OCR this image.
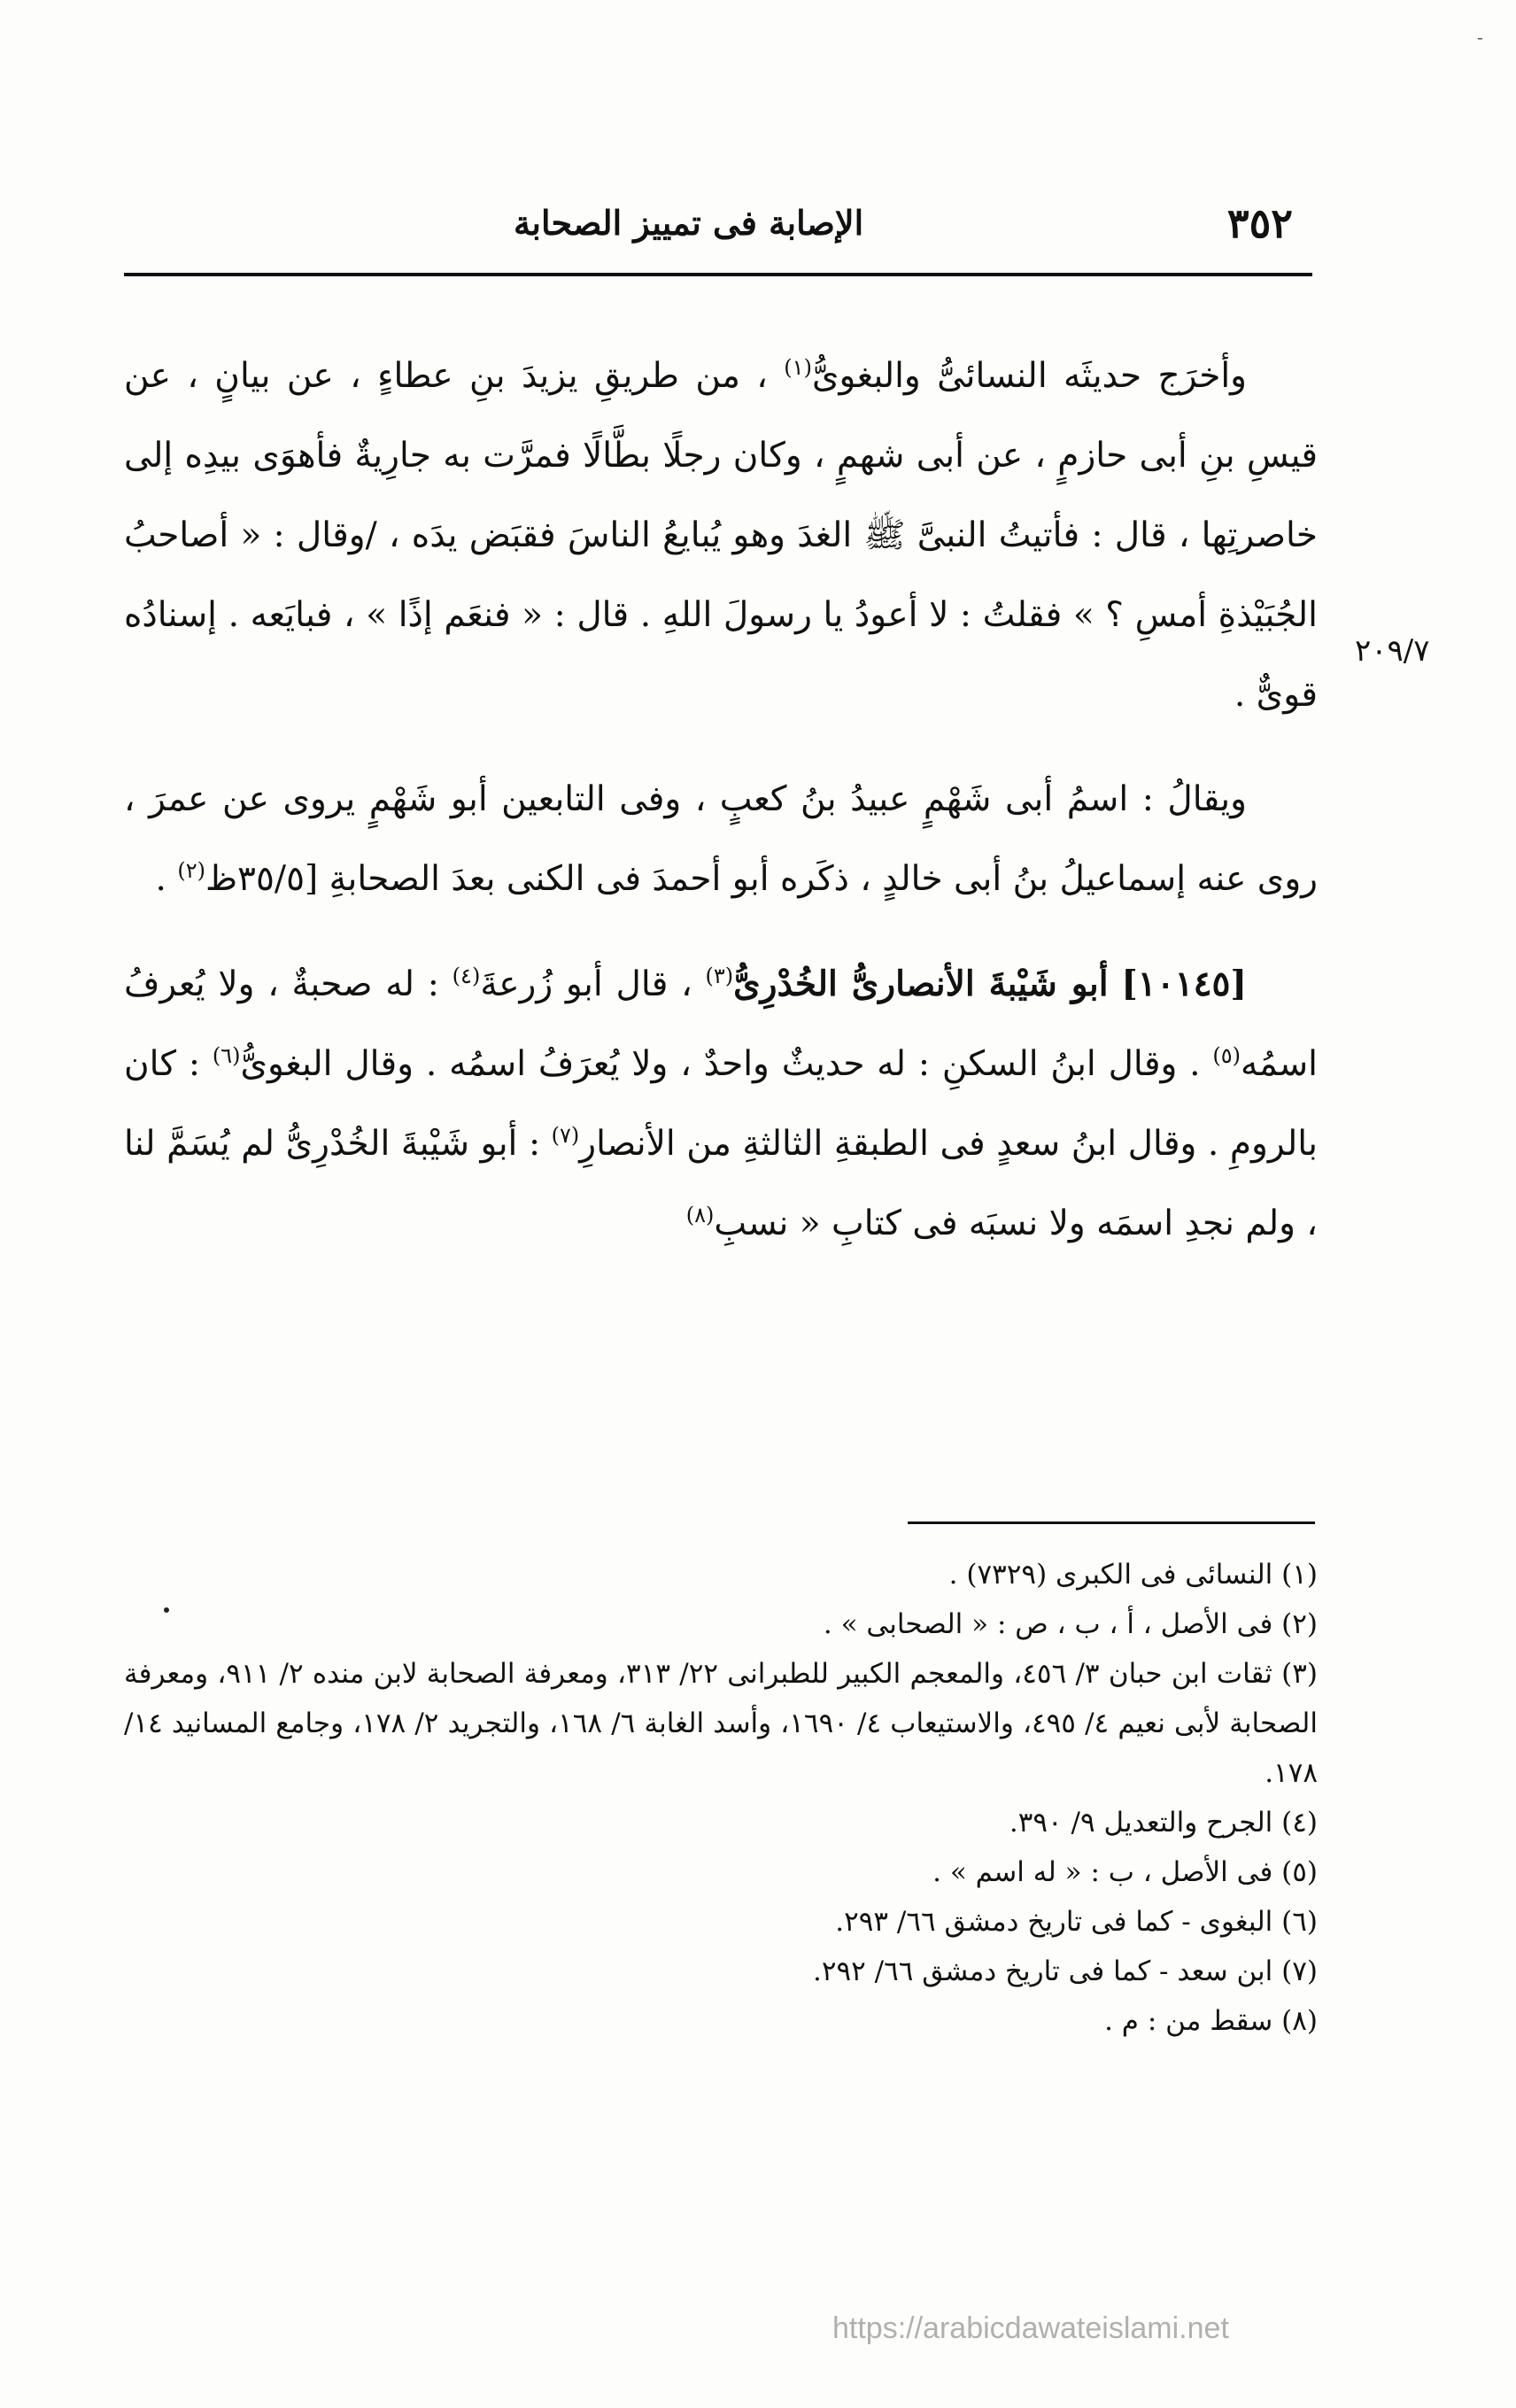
-
٣٥٢
الإصابة فى تمييز الصحابة
٢٠٩/٧

وأخرَج حديثَه النسائىُّ والبغوىُّ$^{(١)}$ ، من طريقِ يزيدَ بنِ عطاءٍ ، عن بيانٍ ، عن قيسِ بنِ أبى حازمٍ ، عن أبى شهمٍ ، وكان رجلًا بطَّالًا فمرَّت به جارِيةٌ فأهوَى بيدِه إلى خاصرتِها ، قال : فأتيتُ النبىَّ ﷺ الغدَ وهو يُبايعُ الناسَ فقبَض يدَه ، /وقال : « أصاحبُ الجُبَيْذةِ أمسِ ؟ » فقلتُ : لا أعودُ يا رسولَ اللهِ . قال : « فنعَم إذًا » ، فبايَعه . إسنادُه قوىٌّ .

ويقالُ : اسمُ أبى شَهْمٍ عبيدُ بنُ كعبٍ ، وفى التابعين أبو شَهْمٍ يروى عن عمرَ ، روى عنه إسماعيلُ بنُ أبى خالدٍ ، ذكَره أبو أحمدَ فى الكنى بعدَ الصحابةِ [٣٥/٥ظ$^{(٢)}$ .

[١٠١٤٥] أبو شَيْبةَ الأنصارىُّ الخُدْرِىُّ$^{(٣)}$ ، قال أبو زُرعةَ$^{(٤)}$ : له صحبةٌ ، ولا يُعرفُ اسمُه$^{(٥)}$ . وقال ابنُ السكنِ : له حديثٌ واحدٌ ، ولا يُعرَفُ اسمُه . وقال البغوىُّ$^{(٦)}$ : كان بالرومِ . وقال ابنُ سعدٍ فى الطبقةِ الثالثةِ من الأنصارِ$^{(٧)}$ : أبو شَيْبةَ الخُدْرِىُّ لم يُسَمَّ لنا ، ولم نجدِ اسمَه ولا نسبَه فى كتابِ « نسبِ$^{(٨)}$

(١) النسائى فى الكبرى (٧٣٢٩) .

(٢) فى الأصل ، أ ، ب ، ص : « الصحابى » .

(٣) ثقات ابن حبان ٣/ ٤٥٦، والمعجم الكبير للطبرانى ٢٢/ ٣١٣، ومعرفة الصحابة لابن منده ٢/ ٩١١، ومعرفة الصحابة لأبى نعيم ٤/ ٤٩٥، والاستيعاب ٤/ ١٦٩٠، وأسد الغابة ٦/ ١٦٨، والتجريد ٢/ ١٧٨، وجامع المسانيد ١٤/ ١٧٨.

(٤) الجرح والتعديل ٩/ ٣٩٠.

(٥) فى الأصل ، ب : « له اسم » .

(٦) البغوى - كما فى تاريخ دمشق ٦٦/ ٢٩٣.

(٧) ابن سعد - كما فى تاريخ دمشق ٦٦/ ٢٩٢.

(٨) سقط من : م .

https://arabicdawateislami.net
